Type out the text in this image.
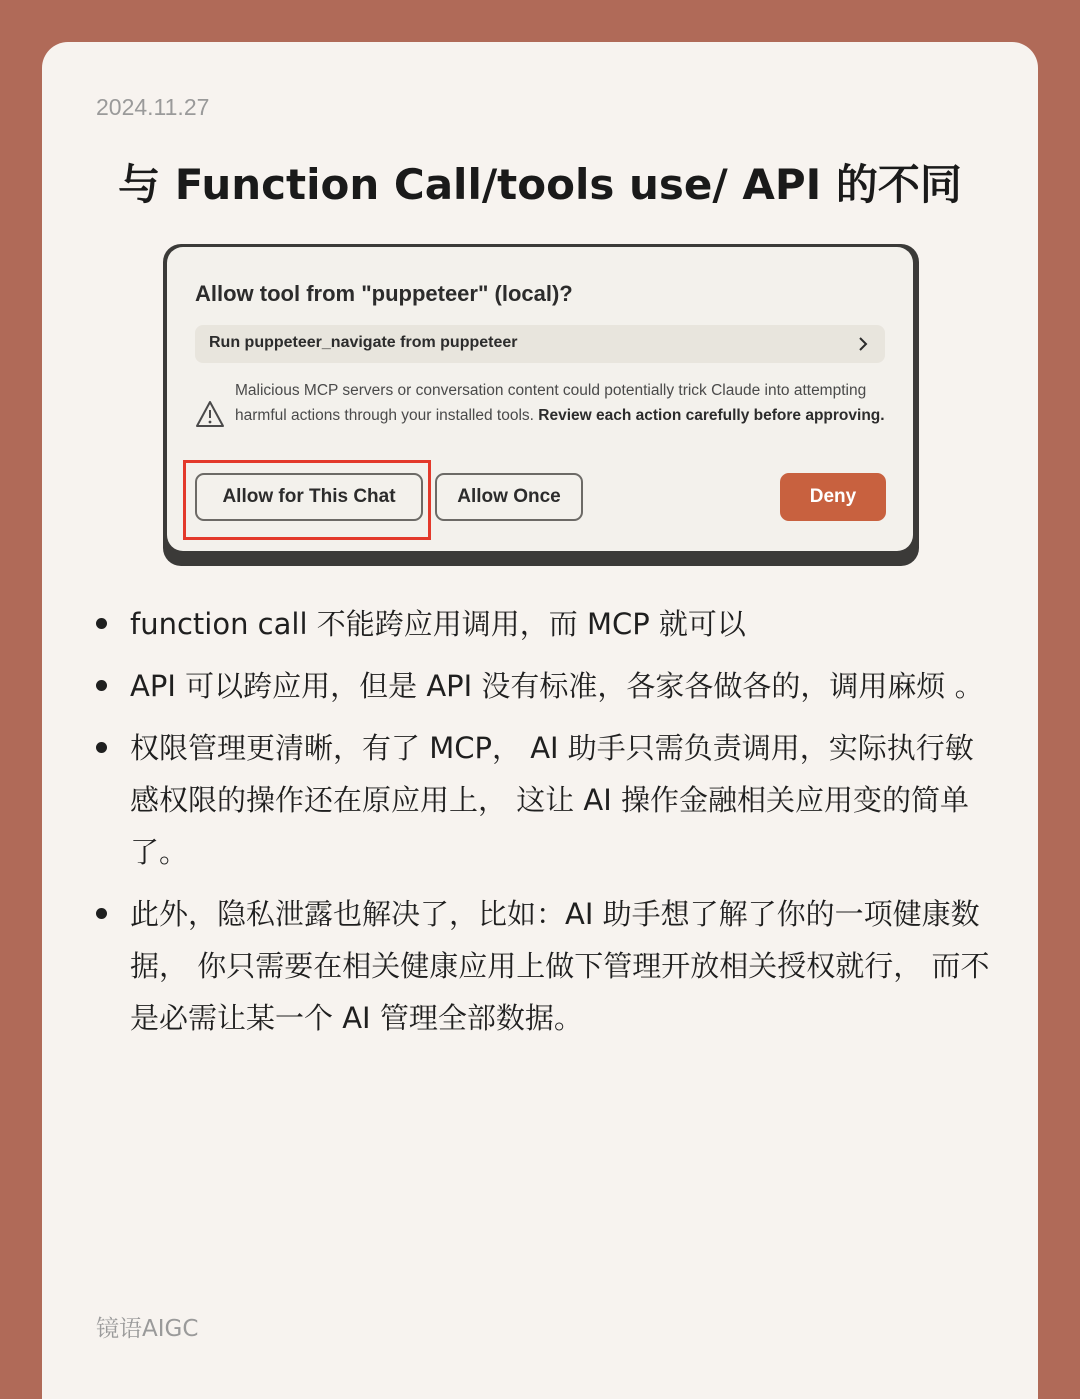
2024.11.27
与 Function Call/tools use/ API 的不同
Allow tool from "puppeteer" (local)?
Run puppeteer_navigate from puppeteer
Malicious MCP servers or conversation content could potentially trick Claude into attempting harmful actions through your installed tools. Review each action carefully before approving.
Allow for This Chat	Allow Once	Deny
function call 不能跨应用调用，而 MCP 就可以
API 可以跨应用，但是 API 没有标准，各家各做各的，调用麻烦 。
权限管理更清晰，有了 MCP， AI 助手只需负责调用，实际执行敏感权限的操作还在原应用上， 这让 AI 操作金融相关应用变的简单了。
此外，隐私泄露也解决了，比如：AI 助手想了解了你的一项健康数据， 你只需要在相关健康应用上做下管理开放相关授权就行， 而不是必需让某一个 AI 管理全部数据。
镜语AIGC
